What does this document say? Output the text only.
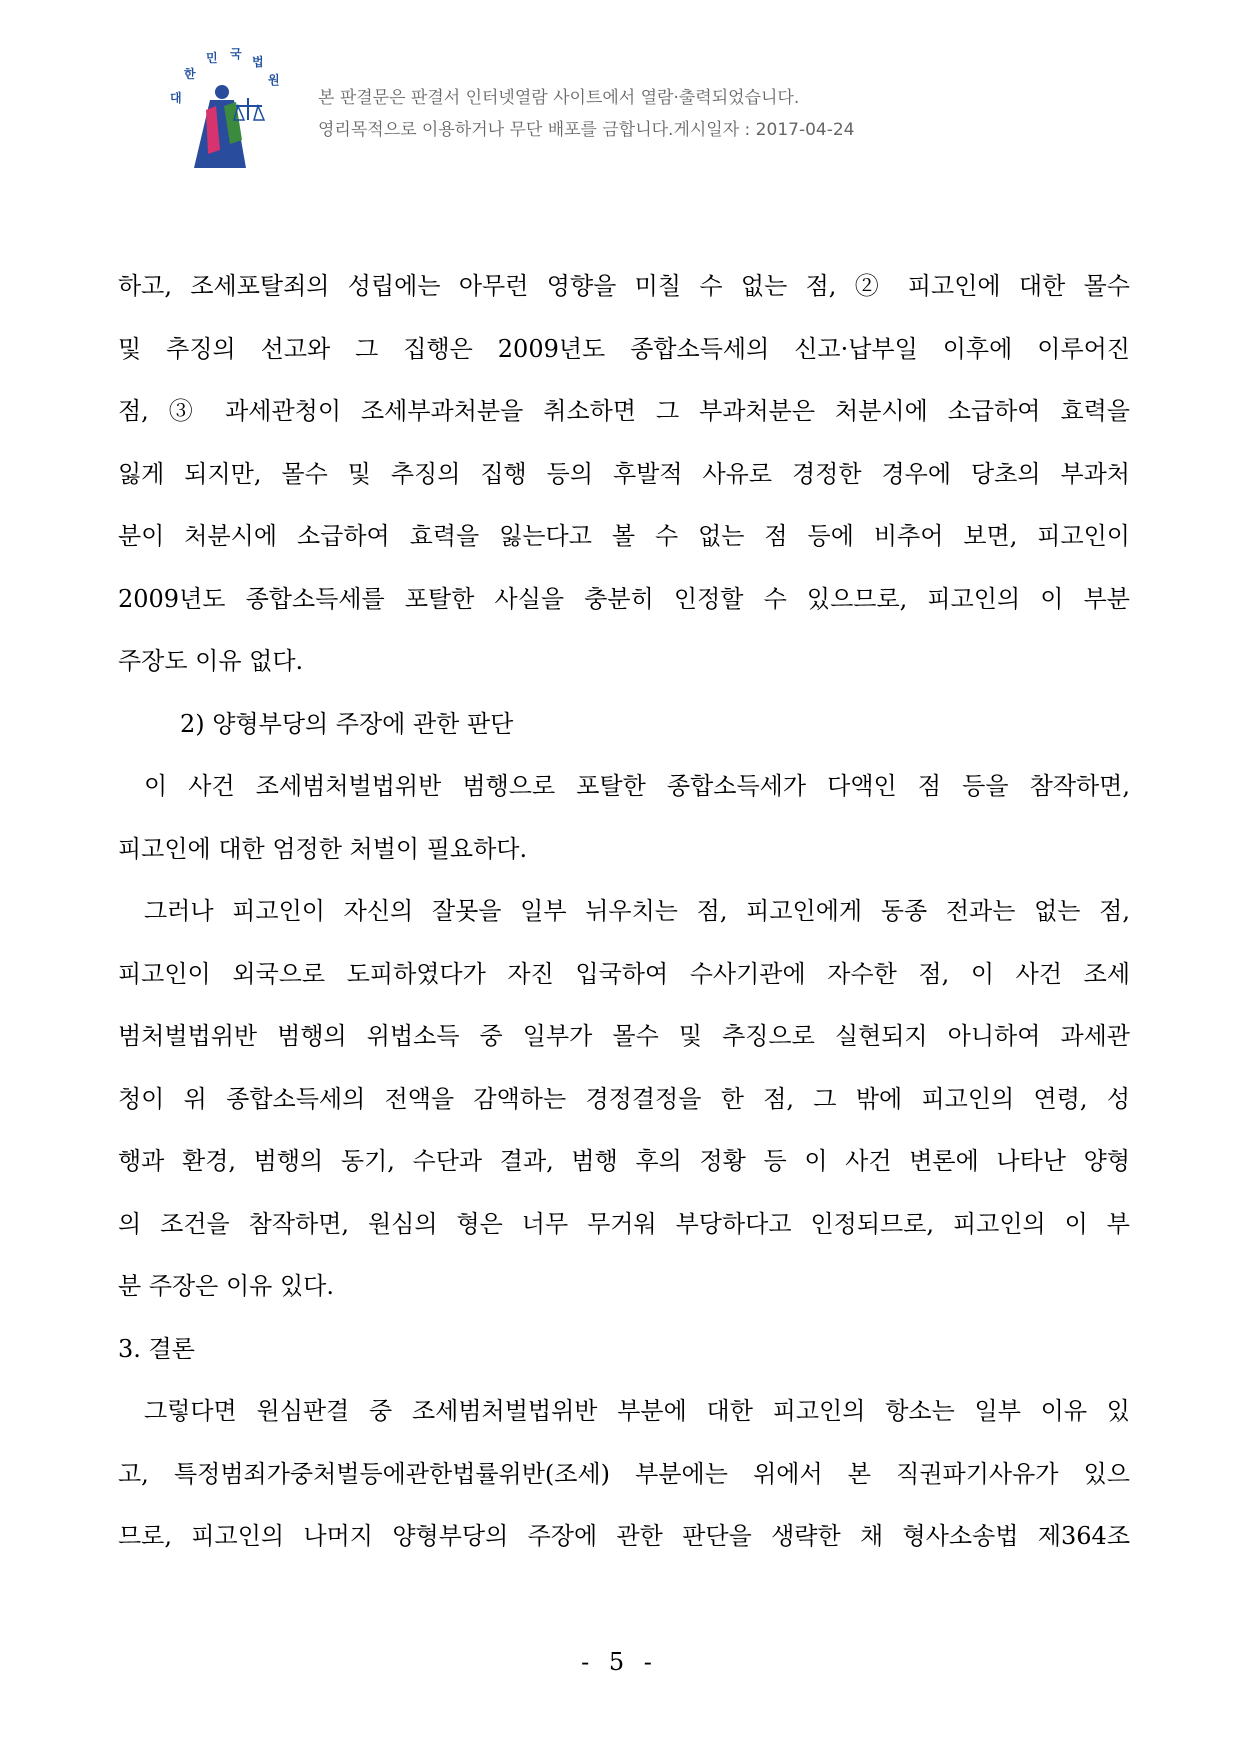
대
한
민 국
법
원
본 판결문은 판결서 인터넷열람 사이트에서 열람·출력되었습니다.
영리목적으로 이용하거나 무단 배포를 금합니다.게시일자 : 2017-04-24
하고, 조세포탈죄의 성립에는 아무런 영향을 미칠 수 없는 점, ② 피고인에 대한 몰수
및 추징의 선고와 그 집행은 2009년도 종합소득세의 신고·납부일 이후에 이루어진
점, ③ 과세관청이 조세부과처분을 취소하면 그 부과처분은 처분시에 소급하여 효력을
잃게 되지만, 몰수 및 추징의 집행 등의 후발적 사유로 경정한 경우에 당초의 부과처
분이 처분시에 소급하여 효력을 잃는다고 볼 수 없는 점 등에 비추어 보면, 피고인이
2009년도 종합소득세를 포탈한 사실을 충분히 인정할 수 있으므로, 피고인의 이 부분
주장도 이유 없다.
2) 양형부당의 주장에 관한 판단
이 사건 조세범처벌법위반 범행으로 포탈한 종합소득세가 다액인 점 등을 참작하면,
피고인에 대한 엄정한 처벌이 필요하다.
그러나 피고인이 자신의 잘못을 일부 뉘우치는 점, 피고인에게 동종 전과는 없는 점,
피고인이 외국으로 도피하였다가 자진 입국하여 수사기관에 자수한 점, 이 사건 조세
범처벌법위반 범행의 위법소득 중 일부가 몰수 및 추징으로 실현되지 아니하여 과세관
청이 위 종합소득세의 전액을 감액하는 경정결정을 한 점, 그 밖에 피고인의 연령, 성
행과 환경, 범행의 동기, 수단과 결과, 범행 후의 정황 등 이 사건 변론에 나타난 양형
의 조건을 참작하면, 원심의 형은 너무 무거워 부당하다고 인정되므로, 피고인의 이 부
분 주장은 이유 있다.
3. 결론
그렇다면 원심판결 중 조세범처벌법위반 부분에 대한 피고인의 항소는 일부 이유 있
고, 특정범죄가중처벌등에관한법률위반(조세) 부분에는 위에서 본 직권파기사유가 있으
므로, 피고인의 나머지 양형부당의 주장에 관한 판단을 생략한 채 형사소송법 제364조
- 5 -
